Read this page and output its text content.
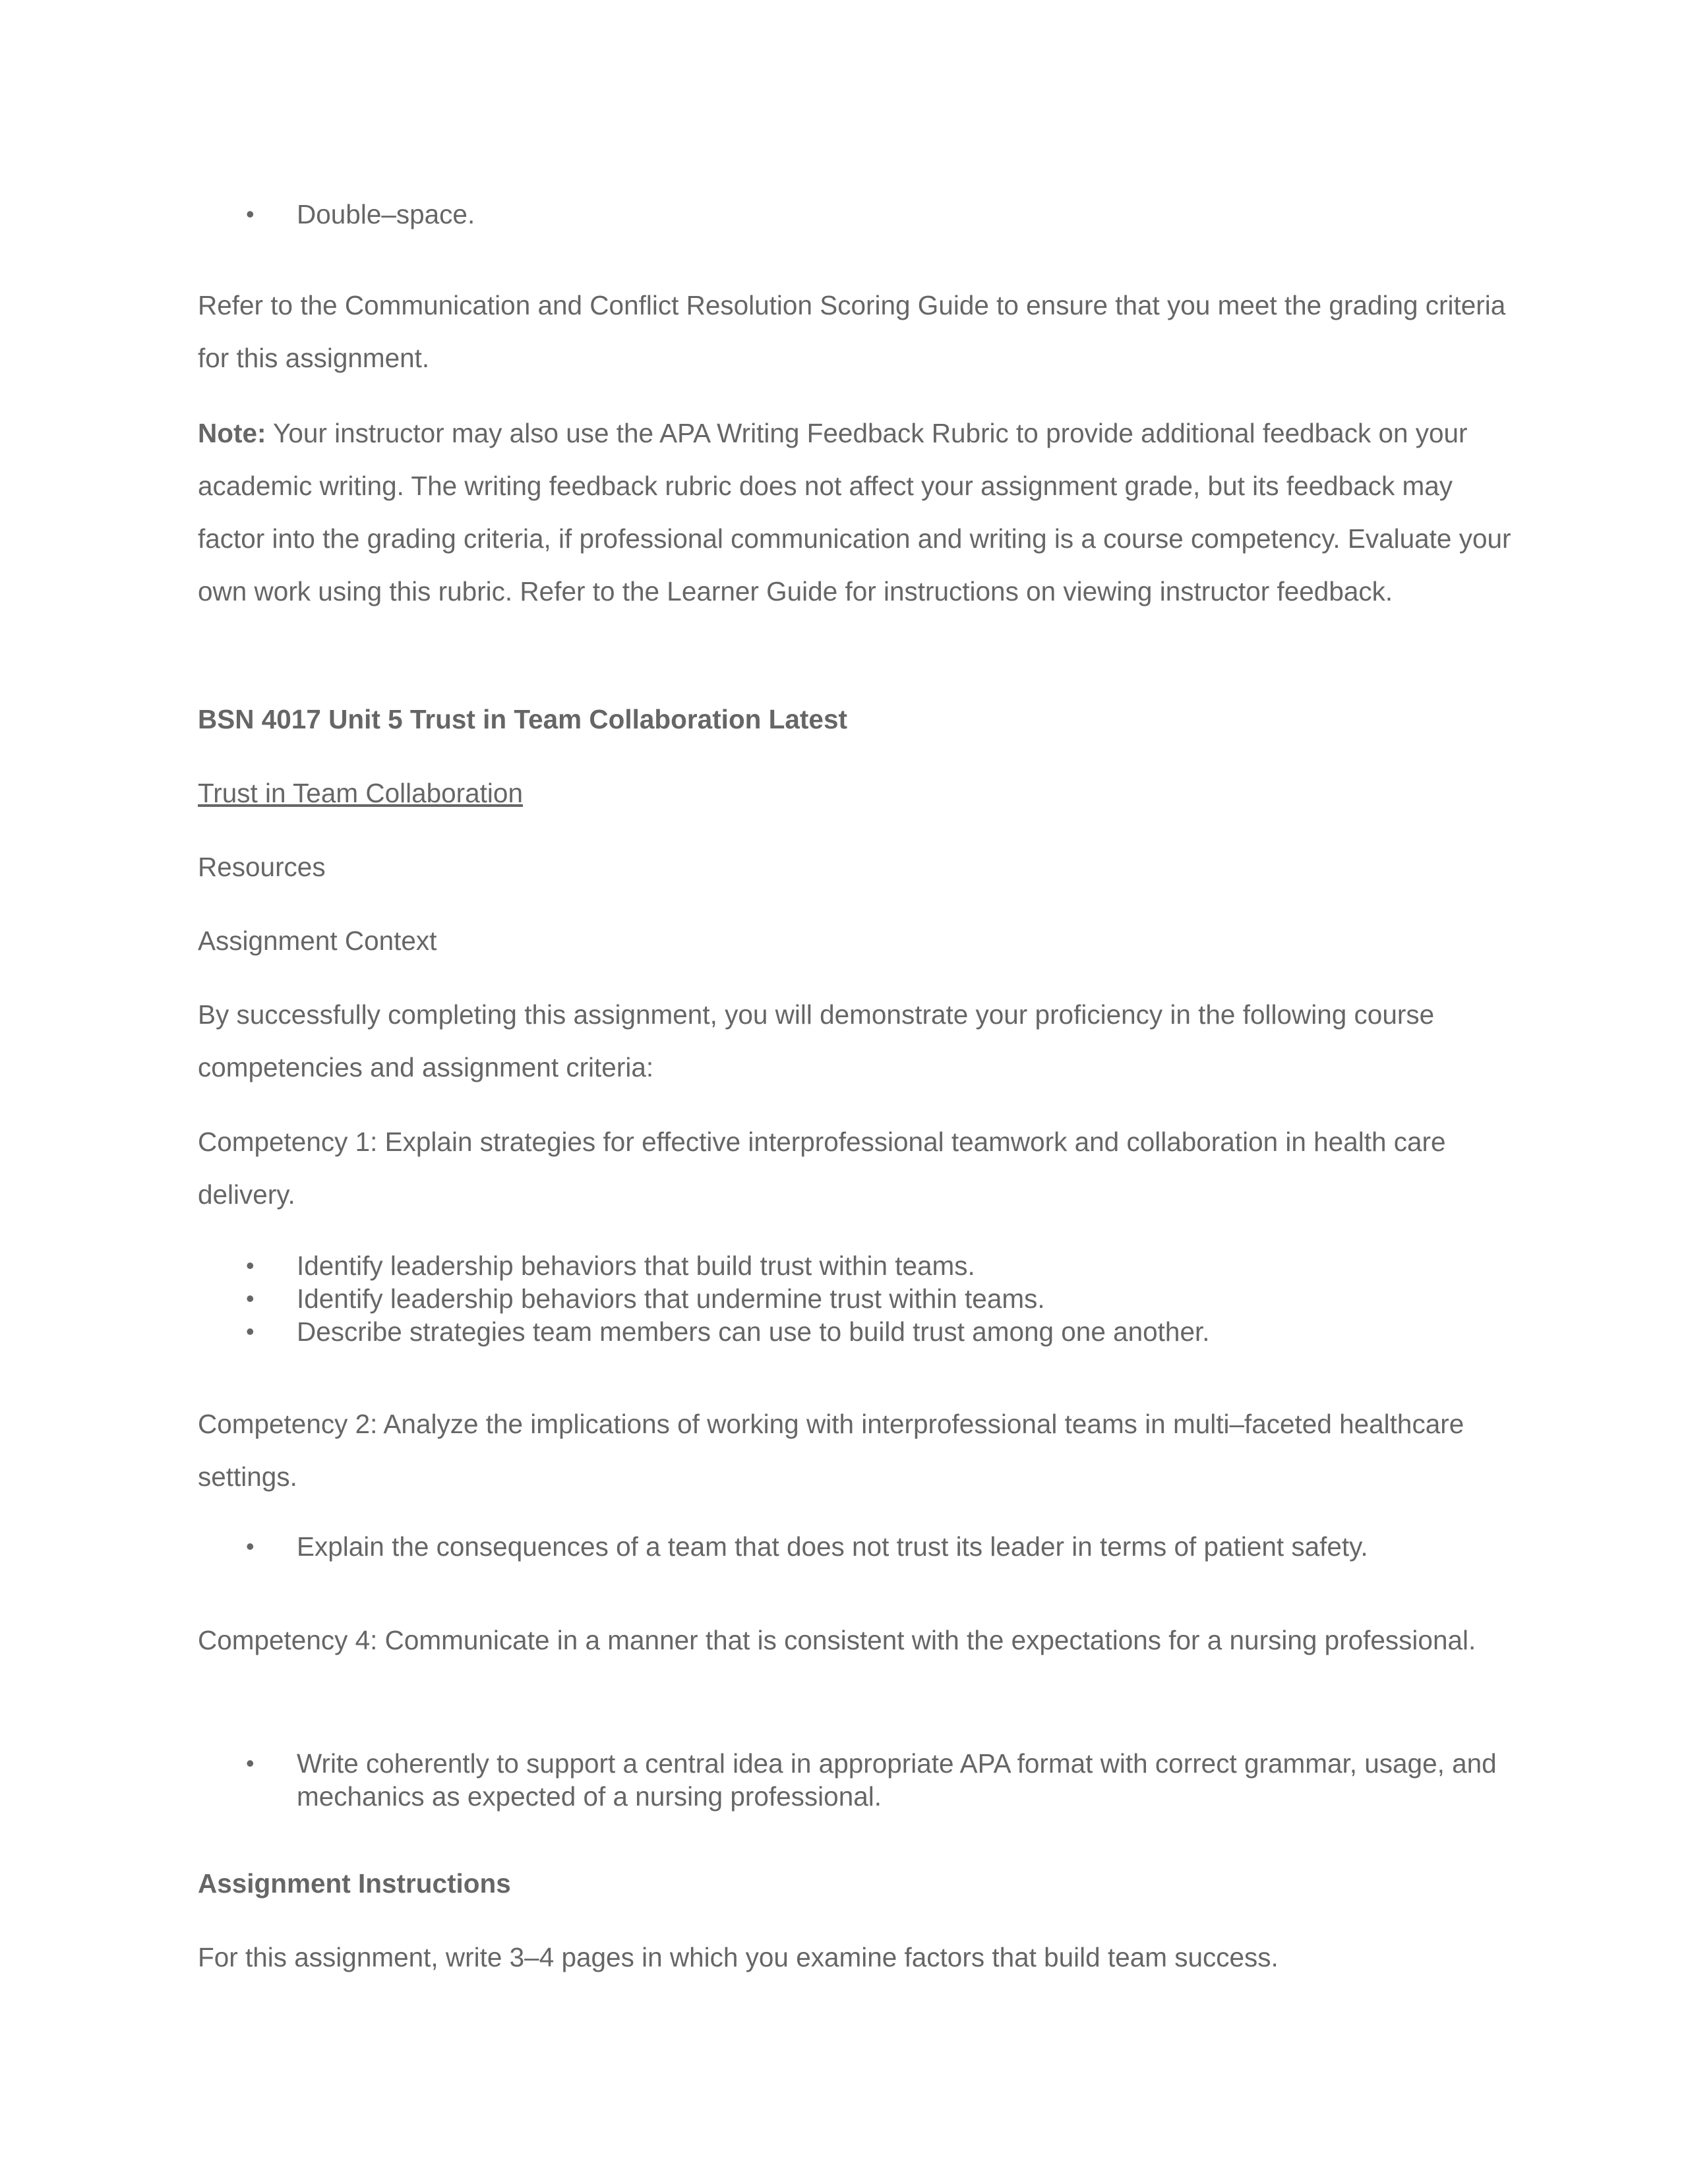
• Double–space.

Refer to the Communication and Conflict Resolution Scoring Guide to ensure that you meet the grading criteria for this assignment.

Note: Your instructor may also use the APA Writing Feedback Rubric to provide additional feedback on your academic writing. The writing feedback rubric does not affect your assignment grade, but its feedback may factor into the grading criteria, if professional communication and writing is a course competency. Evaluate your own work using this rubric. Refer to the Learner Guide for instructions on viewing instructor feedback.

BSN 4017 Unit 5 Trust in Team Collaboration Latest

Trust in Team Collaboration

Resources

Assignment Context

By successfully completing this assignment, you will demonstrate your proficiency in the following course competencies and assignment criteria:

Competency 1: Explain strategies for effective interprofessional teamwork and collaboration in health care delivery.

• Identify leadership behaviors that build trust within teams.
• Identify leadership behaviors that undermine trust within teams.
• Describe strategies team members can use to build trust among one another.

Competency 2: Analyze the implications of working with interprofessional teams in multi–faceted healthcare settings.

• Explain the consequences of a team that does not trust its leader in terms of patient safety.

Competency 4: Communicate in a manner that is consistent with the expectations for a nursing professional.

• Write coherently to support a central idea in appropriate APA format with correct grammar, usage, and mechanics as expected of a nursing professional.

Assignment Instructions

For this assignment, write 3–4 pages in which you examine factors that build team success.
